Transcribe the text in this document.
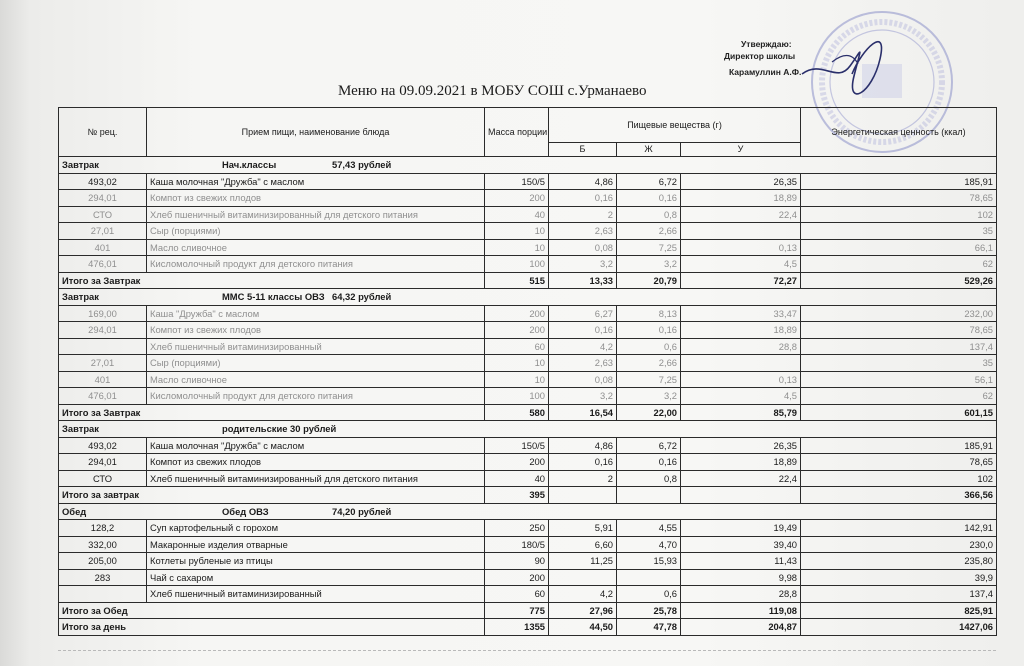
Утверждаю:
Директор школы
Карамуллин А.Ф.
Меню на 09.09.2021 в МОБУ СОШ с.Урманаево
№ рец.	Прием пищи, наименование блюда	Масса порции	Пищевые вещества (г)			Энергетическая ценность (ккал)
			Б	Ж	У	
Завтрак Нач.классы 57,43 рублей						
493,02	Каша молочная "Дружба" с маслом	150/5	4,86	6,72	26,35	185,91
294,01	Компот из свежих плодов	200	0,16	0,16	18,89	78,65
СТО	Хлеб пшеничный витаминизированный для детского питания	40	2	0,8	22,4	102
27,01	Сыр (порциями)	10	2,63	2,66		35
401	Масло сливочное	10	0,08	7,25	0,13	66,1
476,01	Кисломолочный продукт для детского питания	100	3,2	3,2	4,5	62
Итого за Завтрак		515	13,33	20,79	72,27	529,26
Завтрак ММС 5-11 классы ОВЗ 64,32 рублей						
169,00	Каша "Дружба" с маслом	200	6,27	8,13	33,47	232,00
294,01	Компот из свежих плодов	200	0,16	0,16	18,89	78,65
	Хлеб пшеничный витаминизированный	60	4,2	0,6	28,8	137,4
27,01	Сыр (порциями)	10	2,63	2,66		35
401	Масло сливочное	10	0,08	7,25	0,13	56,1
476,01	Кисломолочный продукт для детского питания	100	3,2	3,2	4,5	62
Итого за Завтрак		580	16,54	22,00	85,79	601,15
Завтрак родительские 30 рублей						
493,02	Каша молочная "Дружба" с маслом	150/5	4,86	6,72	26,35	185,91
294,01	Компот из свежих плодов	200	0,16	0,16	18,89	78,65
СТО	Хлеб пшеничный витаминизированный для детского питания	40	2	0,8	22,4	102
Итого за завтрак		395				366,56
Обед Обед ОВЗ 74,20 рублей						
128,2	Суп картофельный с горохом	250	5,91	4,55	19,49	142,91
332,00	Макаронные изделия отварные	180/5	6,60	4,70	39,40	230,0
205,00	Котлеты рубленые из птицы	90	11,25	15,93	11,43	235,80
283	Чай с сахаром	200			9,98	39,9
	Хлеб пшеничный витаминизированный	60	4,2	0,6	28,8	137,4
Итого за Обед		775	27,96	25,78	119,08	825,91
Итого за день		1355	44,50	47,78	204,87	1427,06
